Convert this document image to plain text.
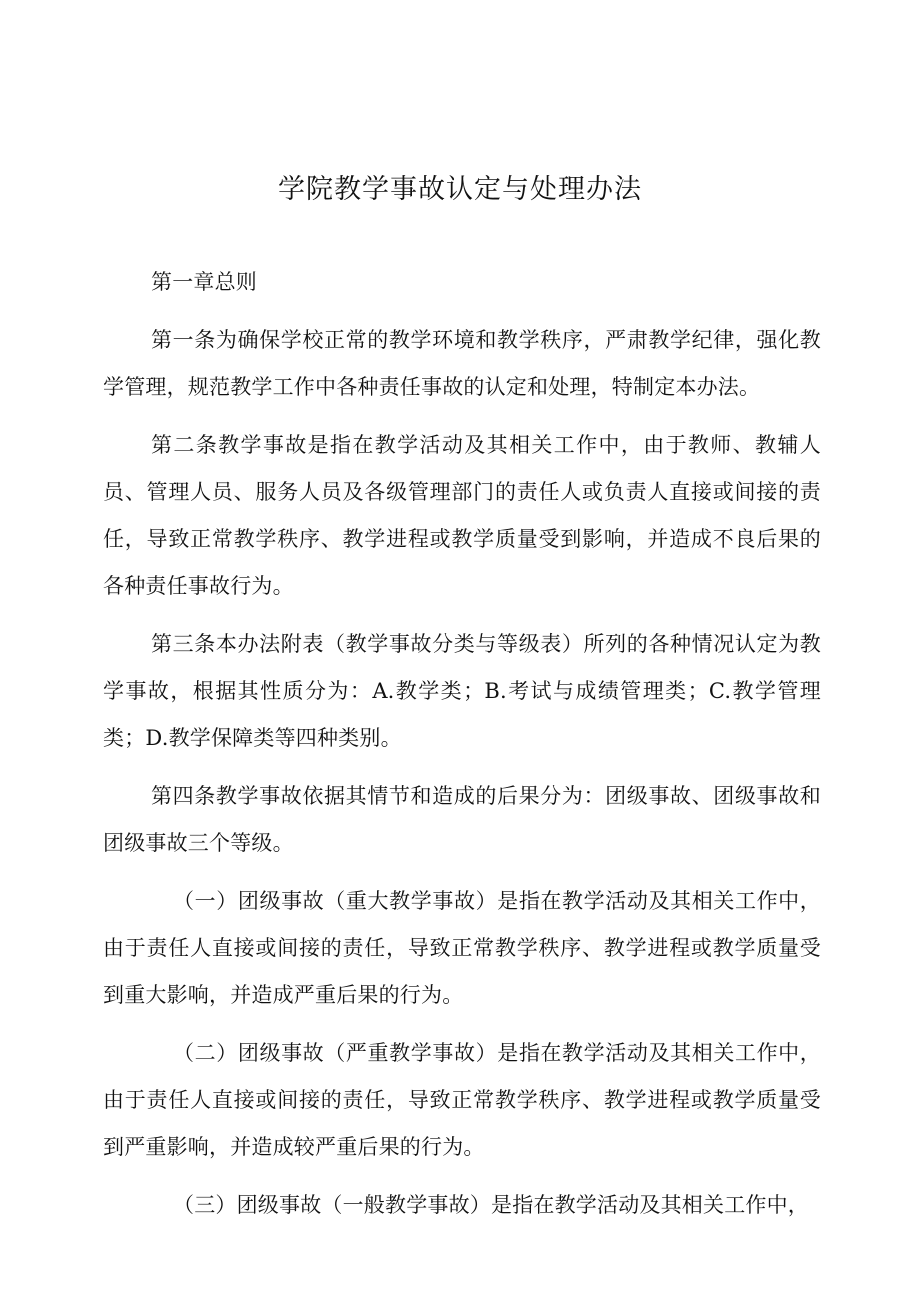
学院教学事故认定与处理办法

第一章总则

第一条为确保学校正常的教学环境和教学秩序，严肃教学纪律，强化教学管理，规范教学工作中各种责任事故的认定和处理，特制定本办法。

第二条教学事故是指在教学活动及其相关工作中，由于教师、教辅人员、管理人员、服务人员及各级管理部门的责任人或负责人直接或间接的责任，导致正常教学秩序、教学进程或教学质量受到影响，并造成不良后果的各种责任事故行为。

第三条本办法附表（教学事故分类与等级表）所列的各种情况认定为教学事故，根据其性质分为：A.教学类；B.考试与成绩管理类；C.教学管理类；D.教学保障类等四种类别。

第四条教学事故依据其情节和造成的后果分为：团级事故、团级事故和团级事故三个等级。

（一）团级事故（重大教学事故）是指在教学活动及其相关工作中，由于责任人直接或间接的责任，导致正常教学秩序、教学进程或教学质量受到重大影响，并造成严重后果的行为。

（二）团级事故（严重教学事故）是指在教学活动及其相关工作中，由于责任人直接或间接的责任，导致正常教学秩序、教学进程或教学质量受到严重影响，并造成较严重后果的行为。

（三）团级事故（一般教学事故）是指在教学活动及其相关工作中，
